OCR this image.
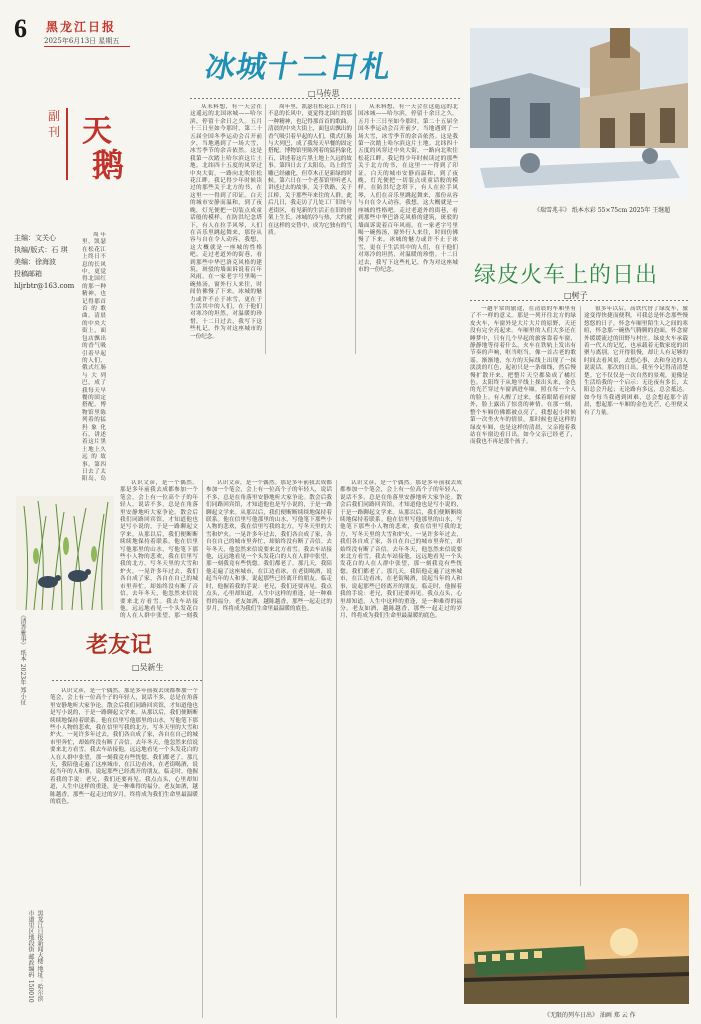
6 黑龙江日报
2025年6月13日 星期五
副刊 天
鹅
主编：文关心
执编/版式：石 琪
美编：徐海波
投稿邮箱
hljrbtr@163.com
周年里，凯瑟在松花江上终日不息的长风中，更觉得北国红的那一种精神，也记得那首首的歌曲。清晨的中央大街上，面包店飘出的香气吸引着早起的人们，俄式红肠与大列巴，成了我每天早餐的固定搭配。博物馆里陈列着的猛犸象化石，讲述着这片黑土地上久远的故事。第四日去了太阳岛，岛
冰城十二日札
□马传思
从未料想，有一天会在这遥远的北国冰城——哈尔滨，停留十余日之久。五月十三日至如今那时，第二十五届全国冬季运动会召开前夕，当地遇到了一场大雪，冰雪季节的余音依然。这是我第一次踏上哈尔滨这片土地。北纬四十五度的风穿过中央大街，一路向北吹往松花江畔。我记得少年时候读过的那些关于北方的书，在这里一一得到了印证。白天的城市安静而温和，到了夜晚，灯光便把一切装点成童话般的模样。在防洪纪念塔下，有人在拉手风琴，人们在音乐里跳起舞来，那份从容与自在令人动容。我想，这大概就是一座城的性格吧。走过老道外的街巷，看到那些中华巴洛克风格的建筑，斑驳的墙面诉说着百年风雨。在一家老字号里喝一碗热汤，窗外行人来往，时间仿佛慢了下来。冰城的魅力或许不止于冰雪，更在于生活其中的人们，在于他们对寒冷的坦然，对温暖的珍惜。十二日过去，我写下这些札记，作为对这座城市的一份纪念。
周年里，凯瑟在松花江上终日不息的长风中，更觉得北国红的那一种精神，也记得那首首的歌曲。清晨的中央大街上，面包店飘出的香气吸引着早起的人们，俄式红肠与大列巴，成了我每天早餐的固定搭配。博物馆里陈列着的猛犸象化石，讲述着这片黑土地上久远的故事。第四日去了太阳岛，岛上的雪雕已经融化，但草木正是新绿的时候。第六日在一个老茶馆里听老人讲述过去的故事，关于铁路，关于江桥，关于那些年来往的人群。此后几日，我走访了几处工厂旧址与老街区，看见新的生活正在旧的骨架上生长。冰城的冷与热，大约就在这样的交替中，成为它独有的气质。
从未料想，有一天会在这遥远的北国冰城——哈尔滨，停留十余日之久。五月十三日至如今那时，第二十五届全国冬季运动会召开前夕，当地遇到了一场大雪，冰雪季节的余音依然。这是我第一次踏上哈尔滨这片土地。北纬四十五度的风穿过中央大街，一路向北吹往松花江畔。我记得少年时候读过的那些关于北方的书，在这里一一得到了印证。白天的城市安静而温和，到了夜晚，灯光便把一切装点成童话般的模样。在防洪纪念塔下，有人在拉手风琴，人们在音乐里跳起舞来，那份从容与自在令人动容。我想，这大概就是一座城的性格吧。走过老道外的街巷，看到那些中华巴洛克风格的建筑，斑驳的墙面诉说着百年风雨。在一家老字号里喝一碗热汤，窗外行人来往，时间仿佛慢了下来。冰城的魅力或许不止于冰雪，更在于生活其中的人们，在于他们对寒冷的坦然，对温暖的珍惜。十二日过去，我写下这些札记，作为对这座城市的一份纪念。
《瑞雪兆丰》 纸本水彩 55×75cm 2025年 王继超
绿皮火车上的日出
□树子
一趟平常的旅途，在清晨的车厢里有了不一样的意义。那是一列开往北方的绿皮火车，车窗外是大片大片的原野，天还没有完全亮起来。车厢里的人们大多还在睡梦中，只有几个早起的旅客靠着车窗，静静地等待着什么。火车在铁轨上发出有节奏的声响，哐当哐当，像一首古老的歌谣。渐渐地，东方的天际线上出现了一抹淡淡的红色，起初只是一条细线，然后慢慢扩散开来，把整片天空都染成了橘红色。太阳终于从地平线上探出头来，金色的光芒穿过车窗洒进车厢，照在每一个人的脸上。有人醒了过来，揉着眼睛看向窗外，脸上露出了惊喜的神情。在那一刻，整个车厢仿佛都被点亮了。我想起小时候第一次坐火车的情景，那时候也是这样的绿皮车厢，也是这样的清晨，父亲抱着我站在车窗边看日出。如今父亲已经老了，而我也不再是那个孩子。
很多年以后，高铁代替了绿皮车，旅途变得快捷而便利。可我总是怀念那些慢悠悠的日子，怀念车厢里陌生人之间的寒暄，怀念那一碗热气腾腾的泡面，怀念窗外缓缓流过的田野与村庄。绿皮火车承载着一代人的记忆，也承载着无数家庭的团聚与离别。它开得很慢，却让人有足够的时间去看风景，去想心事，去和身边的人说说话。那次的日出，我至今记得清清楚楚。它不仅仅是一次自然的景观，更像是生活给我的一个启示：无论夜有多长，太阳总会升起；无论路有多远，总会抵达。如今每当我遇到困难，总会想起那个清晨，想起那一车厢的金色光芒，心里便又有了力量。
《无限的列车日出》 油画 郑 云 作
《清香雅事》 纸本 2023年 郑小征	老友记
□吴新生
认识文彦，是一个偶然。那是多年前我去成都参加一个笔会，会上有一位高个子的年轻人，说话不多，总是在角落里安静地听大家争论。散会后我们同路回宾馆，才知道他也是写小说的，于是一路聊起文学来。从那以后，我们便断断续续地保持着联系。他在信里写他那里的山水，写他笔下那些小人物的悲欢，我在信里写我的北方，写冬天里的大雪和炉火。一晃许多年过去，我们各自成了家，各自在自己的城市里奔忙，却始终没有断了音信。去年冬天，他忽然来信说要来北方看雪。我去车站接他，远远地看见一个头发花白的人在人群中张望，那一刻我竟有些恍惚。我们都老了。那几天，我陪他走遍了这座城市，在江边看冰，在老街喝酒，说起当年的人和事，说起那些已经离开的朋友。临走时，他握着我的手说：老兄，我们还要再见。我点点头，心里却知道，人生中这样的重逢，是一种难得的福分。老友如酒，越陈越香，那些一起走过的岁月，终将成为我们生命里最温暖的底色。
认识文彦，是一个偶然。那是多年前我去成都参加一个笔会，会上有一位高个子的年轻人，说话不多，总是在角落里安静地听大家争论。散会后我们同路回宾馆，才知道他也是写小说的，于是一路聊起文学来。从那以后，我们便断断续续地保持着联系。他在信里写他那里的山水，写他笔下那些小人物的悲欢，我在信里写我的北方，写冬天里的大雪和炉火。一晃许多年过去，我们各自成了家，各自在自己的城市里奔忙，却始终没有断了音信。去年冬天，他忽然来信说要来北方看雪。我去车站接他，远远地看见一个头发花白的人在人群中张望，那一刻我竟有些恍惚。我们都老了。那几天，我陪他走遍了这座城市，在江边看冰，在老街喝酒，说起当年的人和事，说起那些已经离开的朋友。临走时，他握着我的手说：老兄，我们还要再见。我点点头，心里却知道，人生中这样的重逢，是一种难得的福分。老友如酒，越陈越香，那些一起走过的岁月，终将成为我们生命里最温暖的底色。
认识文彦，是一个偶然。那是多年前我去成都参加一个笔会，会上有一位高个子的年轻人，说话不多，总是在角落里安静地听大家争论。散会后我们同路回宾馆，才知道他也是写小说的，于是一路聊起文学来。从那以后，我们便断断续续地保持着联系。他在信里写他那里的山水，写他笔下那些小人物的悲欢，我在信里写我的北方，写冬天里的大雪和炉火。一晃许多年过去，我们各自成了家，各自在自己的城市里奔忙，却始终没有断了音信。去年冬天，他忽然来信说要来北方看雪。我去车站接他，远远地看见一个头发花白的人在人群中张望，那一刻我竟有些恍惚。我们都老了。那几天，我陪他走遍了这座城市，在江边看冰，在老街喝酒，说起当年的人和事，说起那些已经离开的朋友。临走时，他握着我的手说：老兄，我们还要再见。我点点头，心里却知道，人生中这样的重逢，是一种难得的福分。老友如酒，越陈越香，那些一起走过的岁月，终将成为我们生命里最温暖的底色。
认识文彦，是一个偶然。那是多年前我去成都参加一个笔会，会上有一位高个子的年轻人，说话不多，总是在角落里安静地听大家争论。散会后我们同路回宾馆，才知道他也是写小说的，于是一路聊起文学来。从那以后，我们便断断续续地保持着联系。他在信里写他那里的山水，写他笔下那些小人物的悲欢，我在信里写我的北方，写冬天里的大雪和炉火。一晃许多年过去，我们各自成了家，各自在自己的城市里奔忙，却始终没有断了音信。去年冬天，他忽然来信说要来北方看雪。我去车站接他，远远地看见一个头发花白的人在人群中张望，那一刻我
黑龙江日报新闻大楼 地址：哈尔滨市道里区地段街 邮政编码 150010
